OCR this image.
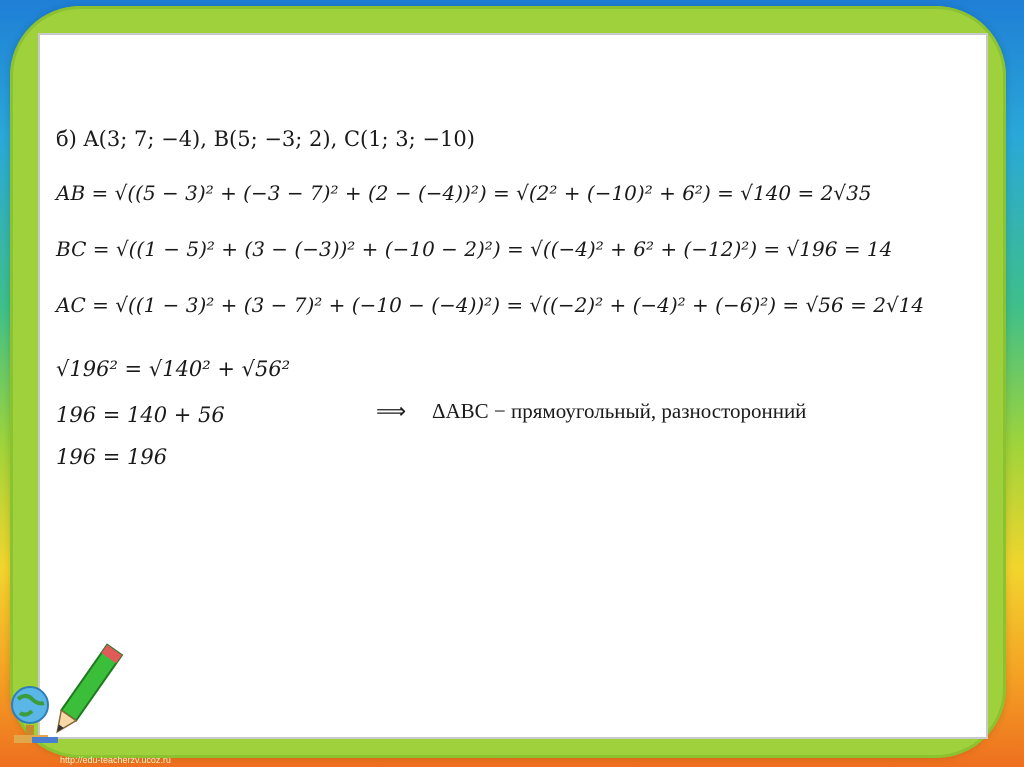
б) A(3; 7; −4), B(5; −3; 2), C(1; 3; −10)
AB = √((5 − 3)² + (−3 − 7)² + (2 − (−4))²) = √(2² + (−10)² + 6²) = √140 = 2√35
BC = √((1 − 5)² + (3 − (−3))² + (−10 − 2)²) = √((−4)² + 6² + (−12)²) = √196 = 14
AC = √((1 − 3)² + (3 − 7)² + (−10 − (−4))²) = √((−2)² + (−4)² + (−6)²) = √56 = 2√14
√196² = √140² + √56²
196 = 140 + 56
196 = 196
⟹ ΔABC − прямоугольный, разносторонний
http://edu-teacherzv.ucoz.ru
